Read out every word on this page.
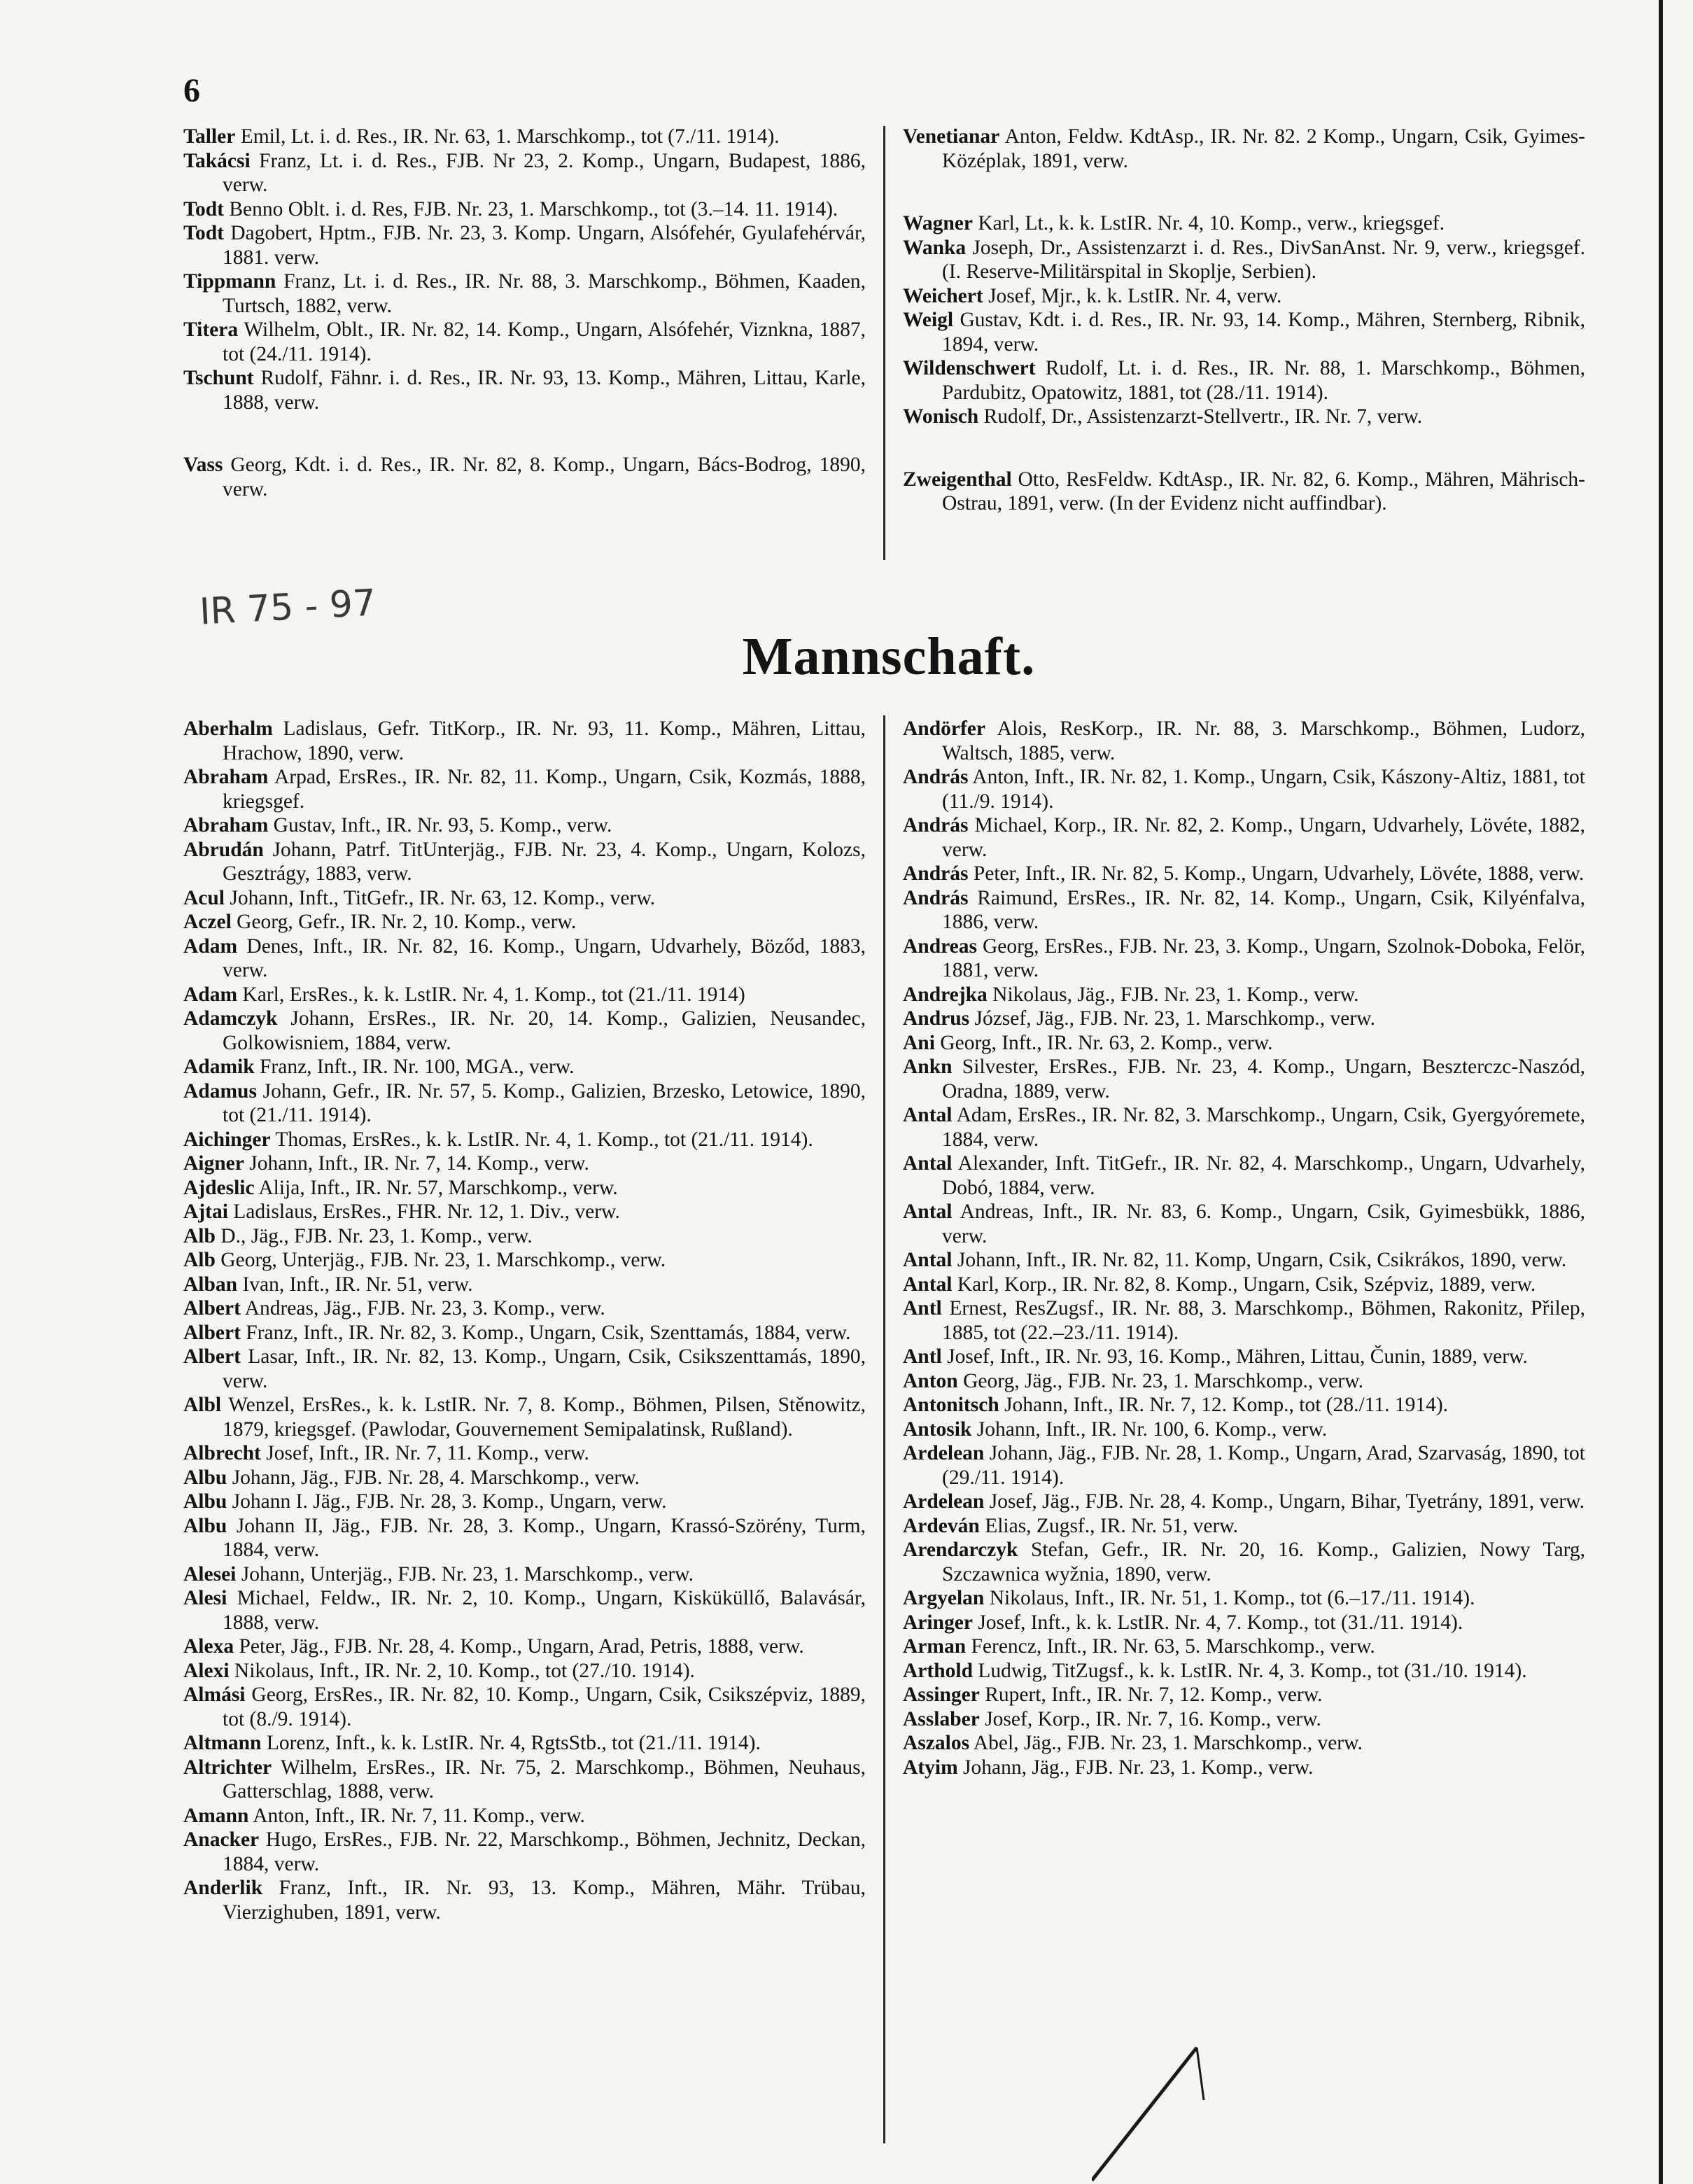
6
Taller Emil, Lt. i. d. Res., IR. Nr. 63, 1. Marschkomp., tot (7./11. 1914).
Takácsi Franz, Lt. i. d. Res., FJB. Nr 23, 2. Komp., Ungarn, Budapest, 1886, verw.
Todt Benno Oblt. i. d. Res, FJB. Nr. 23, 1. Marschkomp., tot (3.–14. 11. 1914).
Todt Dagobert, Hptm., FJB. Nr. 23, 3. Komp. Ungarn, Alsófehér, Gyulafehérvár, 1881. verw.
Tippmann Franz, Lt. i. d. Res., IR. Nr. 88, 3. Marschkomp., Böhmen, Kaaden, Turtsch, 1882, verw.
Titera Wilhelm, Oblt., IR. Nr. 82, 14. Komp., Ungarn, Alsófehér, Viznkna, 1887, tot (24./11. 1914).
Tschunt Rudolf, Fähnr. i. d. Res., IR. Nr. 93, 13. Komp., Mähren, Littau, Karle, 1888, verw.
Vass Georg, Kdt. i. d. Res., IR. Nr. 82, 8. Komp., Ungarn, Bács-Bodrog, 1890, verw.
Venetianar Anton, Feldw. KdtAsp., IR. Nr. 82. 2 Komp., Ungarn, Csik, Gyimes-Középlak, 1891, verw.
Wagner Karl, Lt., k. k. LstIR. Nr. 4, 10. Komp., verw., kriegsgef.
Wanka Joseph, Dr., Assistenzarzt i. d. Res., DivSanAnst. Nr. 9, verw., kriegsgef. (I. Reserve-Militärspital in Skoplje, Serbien).
Weichert Josef, Mjr., k. k. LstIR. Nr. 4, verw.
Weigl Gustav, Kdt. i. d. Res., IR. Nr. 93, 14. Komp., Mähren, Sternberg, Ribnik, 1894, verw.
Wildenschwert Rudolf, Lt. i. d. Res., IR. Nr. 88, 1. Marschkomp., Böhmen, Pardubitz, Opatowitz, 1881, tot (28./11. 1914).
Wonisch Rudolf, Dr., Assistenzarzt-Stellvertr., IR. Nr. 7, verw.
Zweigenthal Otto, ResFeldw. KdtAsp., IR. Nr. 82, 6. Komp., Mähren, Mährisch-Ostrau, 1891, verw. (In der Evidenz nicht auffindbar).
IR 75 - 97
Mannschaft.
Aberhalm Ladislaus, Gefr. TitKorp., IR. Nr. 93, 11. Komp., Mähren, Littau, Hrachow, 1890, verw.
Abraham Arpad, ErsRes., IR. Nr. 82, 11. Komp., Ungarn, Csik, Kozmás, 1888, kriegsgef.
Abraham Gustav, Inft., IR. Nr. 93, 5. Komp., verw.
Abrudán Johann, Patrf. TitUnterjäg., FJB. Nr. 23, 4. Komp., Ungarn, Kolozs, Gesztrágy, 1883, verw.
Acul Johann, Inft., TitGefr., IR. Nr. 63, 12. Komp., verw.
Aczel Georg, Gefr., IR. Nr. 2, 10. Komp., verw.
Adam Denes, Inft., IR. Nr. 82, 16. Komp., Ungarn, Udvarhely, Böződ, 1883, verw.
Adam Karl, ErsRes., k. k. LstIR. Nr. 4, 1. Komp., tot (21./11. 1914)
Adamczyk Johann, ErsRes., IR. Nr. 20, 14. Komp., Galizien, Neusandec, Golkowisniem, 1884, verw.
Adamik Franz, Inft., IR. Nr. 100, MGA., verw.
Adamus Johann, Gefr., IR. Nr. 57, 5. Komp., Galizien, Brzesko, Letowice, 1890, tot (21./11. 1914).
Aichinger Thomas, ErsRes., k. k. LstIR. Nr. 4, 1. Komp., tot (21./11. 1914).
Aigner Johann, Inft., IR. Nr. 7, 14. Komp., verw.
Ajdeslic Alija, Inft., IR. Nr. 57, Marschkomp., verw.
Ajtai Ladislaus, ErsRes., FHR. Nr. 12, 1. Div., verw.
Alb D., Jäg., FJB. Nr. 23, 1. Komp., verw.
Alb Georg, Unterjäg., FJB. Nr. 23, 1. Marschkomp., verw.
Alban Ivan, Inft., IR. Nr. 51, verw.
Albert Andreas, Jäg., FJB. Nr. 23, 3. Komp., verw.
Albert Franz, Inft., IR. Nr. 82, 3. Komp., Ungarn, Csik, Szenttamás, 1884, verw.
Albert Lasar, Inft., IR. Nr. 82, 13. Komp., Ungarn, Csik, Csikszenttamás, 1890, verw.
Albl Wenzel, ErsRes., k. k. LstIR. Nr. 7, 8. Komp., Böhmen, Pilsen, Stěnowitz, 1879, kriegsgef. (Pawlodar, Gouvernement Semipalatinsk, Rußland).
Albrecht Josef, Inft., IR. Nr. 7, 11. Komp., verw.
Albu Johann, Jäg., FJB. Nr. 28, 4. Marschkomp., verw.
Albu Johann I. Jäg., FJB. Nr. 28, 3. Komp., Ungarn, verw.
Albu Johann II, Jäg., FJB. Nr. 28, 3. Komp., Ungarn, Krassó-Szörény, Turm, 1884, verw.
Alesei Johann, Unterjäg., FJB. Nr. 23, 1. Marschkomp., verw.
Alesi Michael, Feldw., IR. Nr. 2, 10. Komp., Ungarn, Kisküküllő, Balavásár, 1888, verw.
Alexa Peter, Jäg., FJB. Nr. 28, 4. Komp., Ungarn, Arad, Petris, 1888, verw.
Alexi Nikolaus, Inft., IR. Nr. 2, 10. Komp., tot (27./10. 1914).
Almási Georg, ErsRes., IR. Nr. 82, 10. Komp., Ungarn, Csik, Csikszépviz, 1889, tot (8./9. 1914).
Altmann Lorenz, Inft., k. k. LstIR. Nr. 4, RgtsStb., tot (21./11. 1914).
Altrichter Wilhelm, ErsRes., IR. Nr. 75, 2. Marschkomp., Böhmen, Neuhaus, Gatterschlag, 1888, verw.
Amann Anton, Inft., IR. Nr. 7, 11. Komp., verw.
Anacker Hugo, ErsRes., FJB. Nr. 22, Marschkomp., Böhmen, Jechnitz, Deckan, 1884, verw.
Anderlik Franz, Inft., IR. Nr. 93, 13. Komp., Mähren, Mähr. Trübau, Vierzighuben, 1891, verw.
Andörfer Alois, ResKorp., IR. Nr. 88, 3. Marschkomp., Böhmen, Ludorz, Waltsch, 1885, verw.
András Anton, Inft., IR. Nr. 82, 1. Komp., Ungarn, Csik, Kászony-Altiz, 1881, tot (11./9. 1914).
András Michael, Korp., IR. Nr. 82, 2. Komp., Ungarn, Udvarhely, Lövéte, 1882, verw.
András Peter, Inft., IR. Nr. 82, 5. Komp., Ungarn, Udvarhely, Lövéte, 1888, verw.
András Raimund, ErsRes., IR. Nr. 82, 14. Komp., Ungarn, Csik, Kilyénfalva, 1886, verw.
Andreas Georg, ErsRes., FJB. Nr. 23, 3. Komp., Ungarn, Szolnok-Doboka, Felör, 1881, verw.
Andrejka Nikolaus, Jäg., FJB. Nr. 23, 1. Komp., verw.
Andrus József, Jäg., FJB. Nr. 23, 1. Marschkomp., verw.
Ani Georg, Inft., IR. Nr. 63, 2. Komp., verw.
Ankn Silvester, ErsRes., FJB. Nr. 23, 4. Komp., Ungarn, Beszterczc-Naszód, Oradna, 1889, verw.
Antal Adam, ErsRes., IR. Nr. 82, 3. Marschkomp., Ungarn, Csik, Gyergyóremete, 1884, verw.
Antal Alexander, Inft. TitGefr., IR. Nr. 82, 4. Marschkomp., Ungarn, Udvarhely, Dobó, 1884, verw.
Antal Andreas, Inft., IR. Nr. 83, 6. Komp., Ungarn, Csik, Gyimesbükk, 1886, verw.
Antal Johann, Inft., IR. Nr. 82, 11. Komp, Ungarn, Csik, Csikrákos, 1890, verw.
Antal Karl, Korp., IR. Nr. 82, 8. Komp., Ungarn, Csik, Szépviz, 1889, verw.
Antl Ernest, ResZugsf., IR. Nr. 88, 3. Marschkomp., Böhmen, Rakonitz, Přilep, 1885, tot (22.–23./11. 1914).
Antl Josef, Inft., IR. Nr. 93, 16. Komp., Mähren, Littau, Čunin, 1889, verw.
Anton Georg, Jäg., FJB. Nr. 23, 1. Marschkomp., verw.
Antonitsch Johann, Inft., IR. Nr. 7, 12. Komp., tot (28./11. 1914).
Antosik Johann, Inft., IR. Nr. 100, 6. Komp., verw.
Ardelean Johann, Jäg., FJB. Nr. 28, 1. Komp., Ungarn, Arad, Szarvaság, 1890, tot (29./11. 1914).
Ardelean Josef, Jäg., FJB. Nr. 28, 4. Komp., Ungarn, Bihar, Tyetrány, 1891, verw.
Ardeván Elias, Zugsf., IR. Nr. 51, verw.
Arendarczyk Stefan, Gefr., IR. Nr. 20, 16. Komp., Galizien, Nowy Targ, Szczawnica wyžnia, 1890, verw.
Argyelan Nikolaus, Inft., IR. Nr. 51, 1. Komp., tot (6.–17./11. 1914).
Aringer Josef, Inft., k. k. LstIR. Nr. 4, 7. Komp., tot (31./11. 1914).
Arman Ferencz, Inft., IR. Nr. 63, 5. Marschkomp., verw.
Arthold Ludwig, TitZugsf., k. k. LstIR. Nr. 4, 3. Komp., tot (31./10. 1914).
Assinger Rupert, Inft., IR. Nr. 7, 12. Komp., verw.
Asslaber Josef, Korp., IR. Nr. 7, 16. Komp., verw.
Aszalos Abel, Jäg., FJB. Nr. 23, 1. Marschkomp., verw.
Atyim Johann, Jäg., FJB. Nr. 23, 1. Komp., verw.
